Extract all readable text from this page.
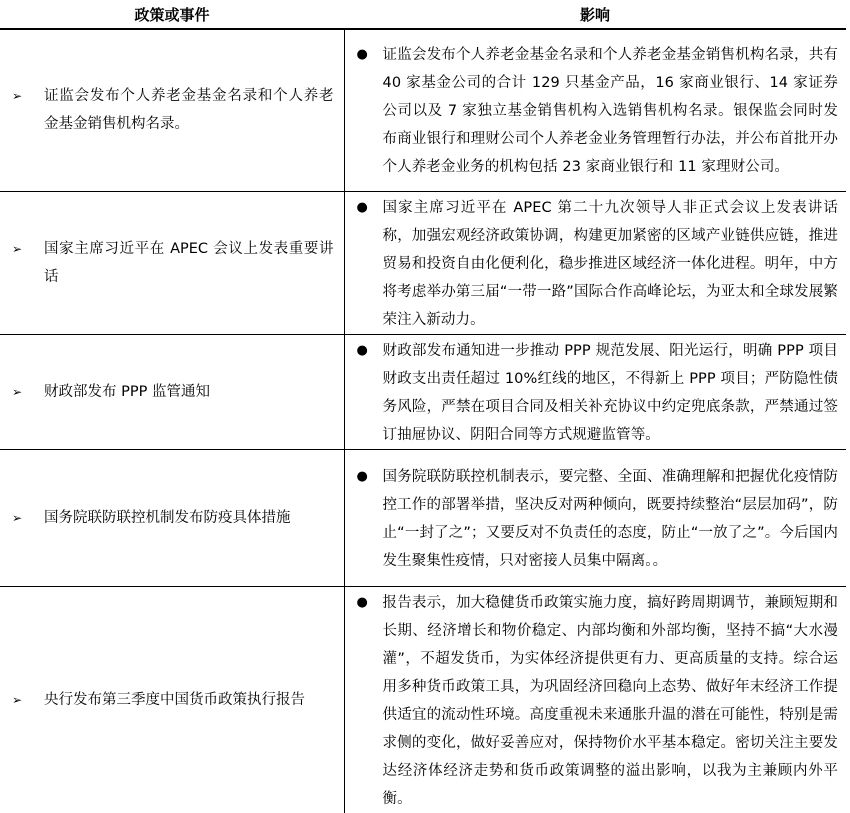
政策或事件	影响

➢ 证监会发布个人养老金基金名录和个人养老金基金销售机构名录。	● 证监会发布个人养老金基金名录和个人养老金基金销售机构名录，共有 40 家基金公司的合计 129 只基金产品，16 家商业银行、14 家证券公司以及 7 家独立基金销售机构入选销售机构名录。银保监会同时发布商业银行和理财公司个人养老金业务管理暂行办法，并公布首批开办个人养老金业务的机构包括 23 家商业银行和 11 家理财公司。

➢ 国家主席习近平在 APEC 会议上发表重要讲话	● 国家主席习近平在 APEC 第二十九次领导人非正式会议上发表讲话称，加强宏观经济政策协调，构建更加紧密的区域产业链供应链，推进贸易和投资自由化便利化，稳步推进区域经济一体化进程。明年，中方将考虑举办第三届“一带一路”国际合作高峰论坛，为亚太和全球发展繁荣注入新动力。

➢ 财政部发布 PPP 监管通知	● 财政部发布通知进一步推动 PPP 规范发展、阳光运行，明确 PPP 项目财政支出责任超过 10%红线的地区，不得新上 PPP 项目；严防隐性债务风险，严禁在项目合同及相关补充协议中约定兜底条款，严禁通过签订抽屉协议、阴阳合同等方式规避监管等。

➢ 国务院联防联控机制发布防疫具体措施	● 国务院联防联控机制表示，要完整、全面、准确理解和把握优化疫情防控工作的部署举措，坚决反对两种倾向，既要持续整治“层层加码”，防止“一封了之”；又要反对不负责任的态度，防止“一放了之”。今后国内发生聚集性疫情，只对密接人员集中隔离。。

➢ 央行发布第三季度中国货币政策执行报告	● 报告表示，加大稳健货币政策实施力度，搞好跨周期调节，兼顾短期和长期、经济增长和物价稳定、内部均衡和外部均衡，坚持不搞“大水漫灌”，不超发货币，为实体经济提供更有力、更高质量的支持。综合运用多种货币政策工具，为巩固经济回稳向上态势、做好年末经济工作提供适宜的流动性环境。高度重视未来通胀升温的潜在可能性，特别是需求侧的变化，做好妥善应对，保持物价水平基本稳定。密切关注主要发达经济体经济走势和货币政策调整的溢出影响，以我为主兼顾内外平衡。
